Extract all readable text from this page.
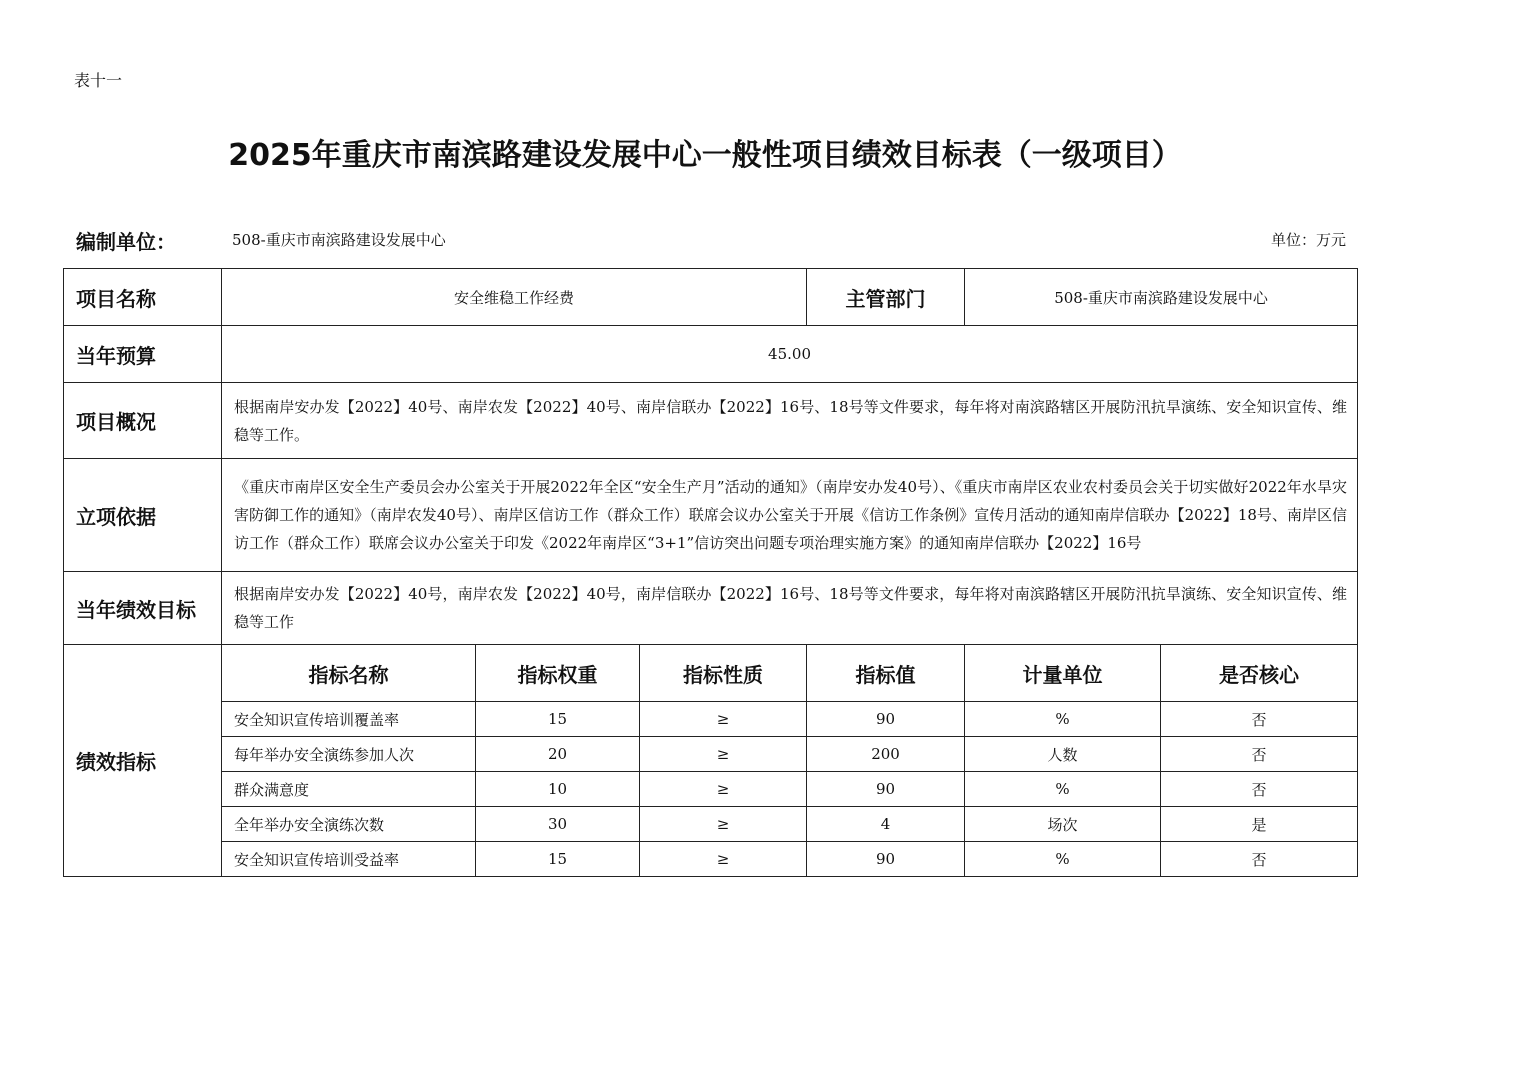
表十一
2025年重庆市南滨路建设发展中心一般性项目绩效目标表（一级项目）
编制单位：	508-重庆市南滨路建设发展中心	单位：万元
项目名称	安全维稳工作经费			主管部门	508-重庆市南滨路建设发展中心	
当年预算	45.00					
项目概况	根据南岸安办发【2022】40号、南岸农发【2022】40号、南岸信联办【2022】16号、18号等文件要求，每年将对南滨路辖区开展防汛抗旱演练、安全知识宣传、维稳等工作。					
立项依据	《重庆市南岸区安全生产委员会办公室关于开展2022年全区“安全生产月”活动的通知》（南岸安办发40号）、《重庆市南岸区农业农村委员会关于切实做好2022年水旱灾害防御工作的通知》（南岸农发40号）、南岸区信访工作（群众工作）联席会议办公室关于开展《信访工作条例》宣传月活动的通知南岸信联办【2022】18号、南岸区信访工作（群众工作）联席会议办公室关于印发《2022年南岸区“3+1”信访突出问题专项治理实施方案》的通知南岸信联办【2022】16号					
当年绩效目标	根据南岸安办发【2022】40号，南岸农发【2022】40号，南岸信联办【2022】16号、18号等文件要求，每年将对南滨路辖区开展防汛抗旱演练、安全知识宣传、维稳等工作					
绩效指标	指标名称	指标权重	指标性质	指标值	计量单位	是否核心
	安全知识宣传培训覆盖率	15	≥	90	%	否
	每年举办安全演练参加人次	20	≥	200	人数	否
	群众满意度	10	≥	90	%	否
	全年举办安全演练次数	30	≥	4	场次	是
	安全知识宣传培训受益率	15	≥	90	%	否
